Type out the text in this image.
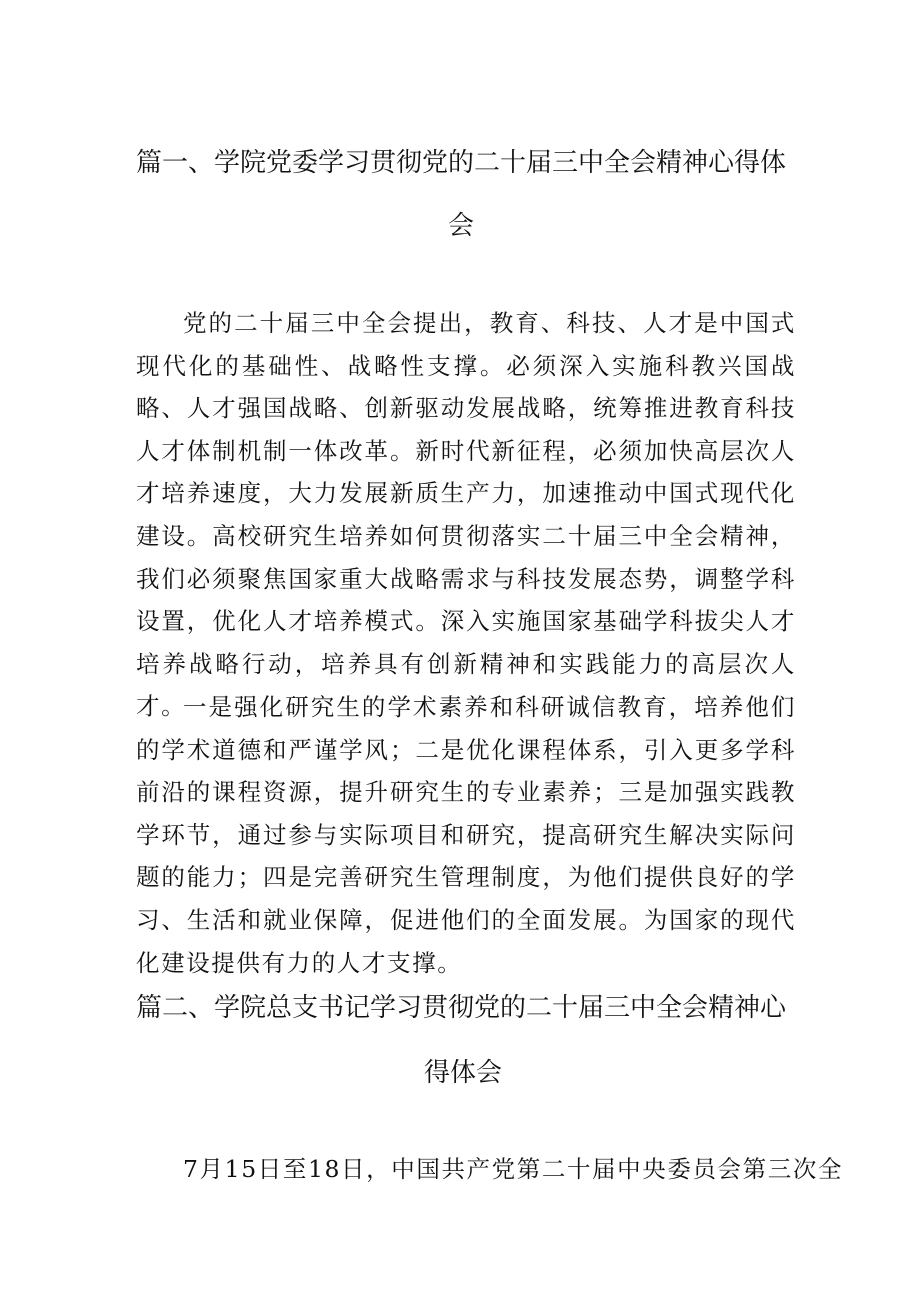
篇一、学院党委学习贯彻党的二十届三中全会精神心得体
会

党的二十届三中全会提出，教育、科技、人才是中国式现代化的基础性、战略性支撑。必须深入实施科教兴国战略、人才强国战略、创新驱动发展战略，统筹推进教育科技人才体制机制一体改革。新时代新征程，必须加快高层次人才培养速度，大力发展新质生产力，加速推动中国式现代化建设。高校研究生培养如何贯彻落实二十届三中全会精神，我们必须聚焦国家重大战略需求与科技发展态势，调整学科设置，优化人才培养模式。深入实施国家基础学科拔尖人才培养战略行动，培养具有创新精神和实践能力的高层次人才。

一是强化研究生的学术素养和科研诚信教育，培养他们的学术道德和严谨学风；二是优化课程体系，引入更多学科前沿的课程资源，提升研究生的专业素养；三是加强实践教学环节，通过参与实际项目和研究，提高研究生解决实际问题的能力；四是完善研究生管理制度，为他们提供良好的学习、生活和就业保障，促进他们的全面发展。为国家的现代化建设提供有力的人才支撑。

篇二、学院总支书记学习贯彻党的二十届三中全会精神心
得体会

7月15日至18日，中国共产党第二十届中央委员会第三次全
